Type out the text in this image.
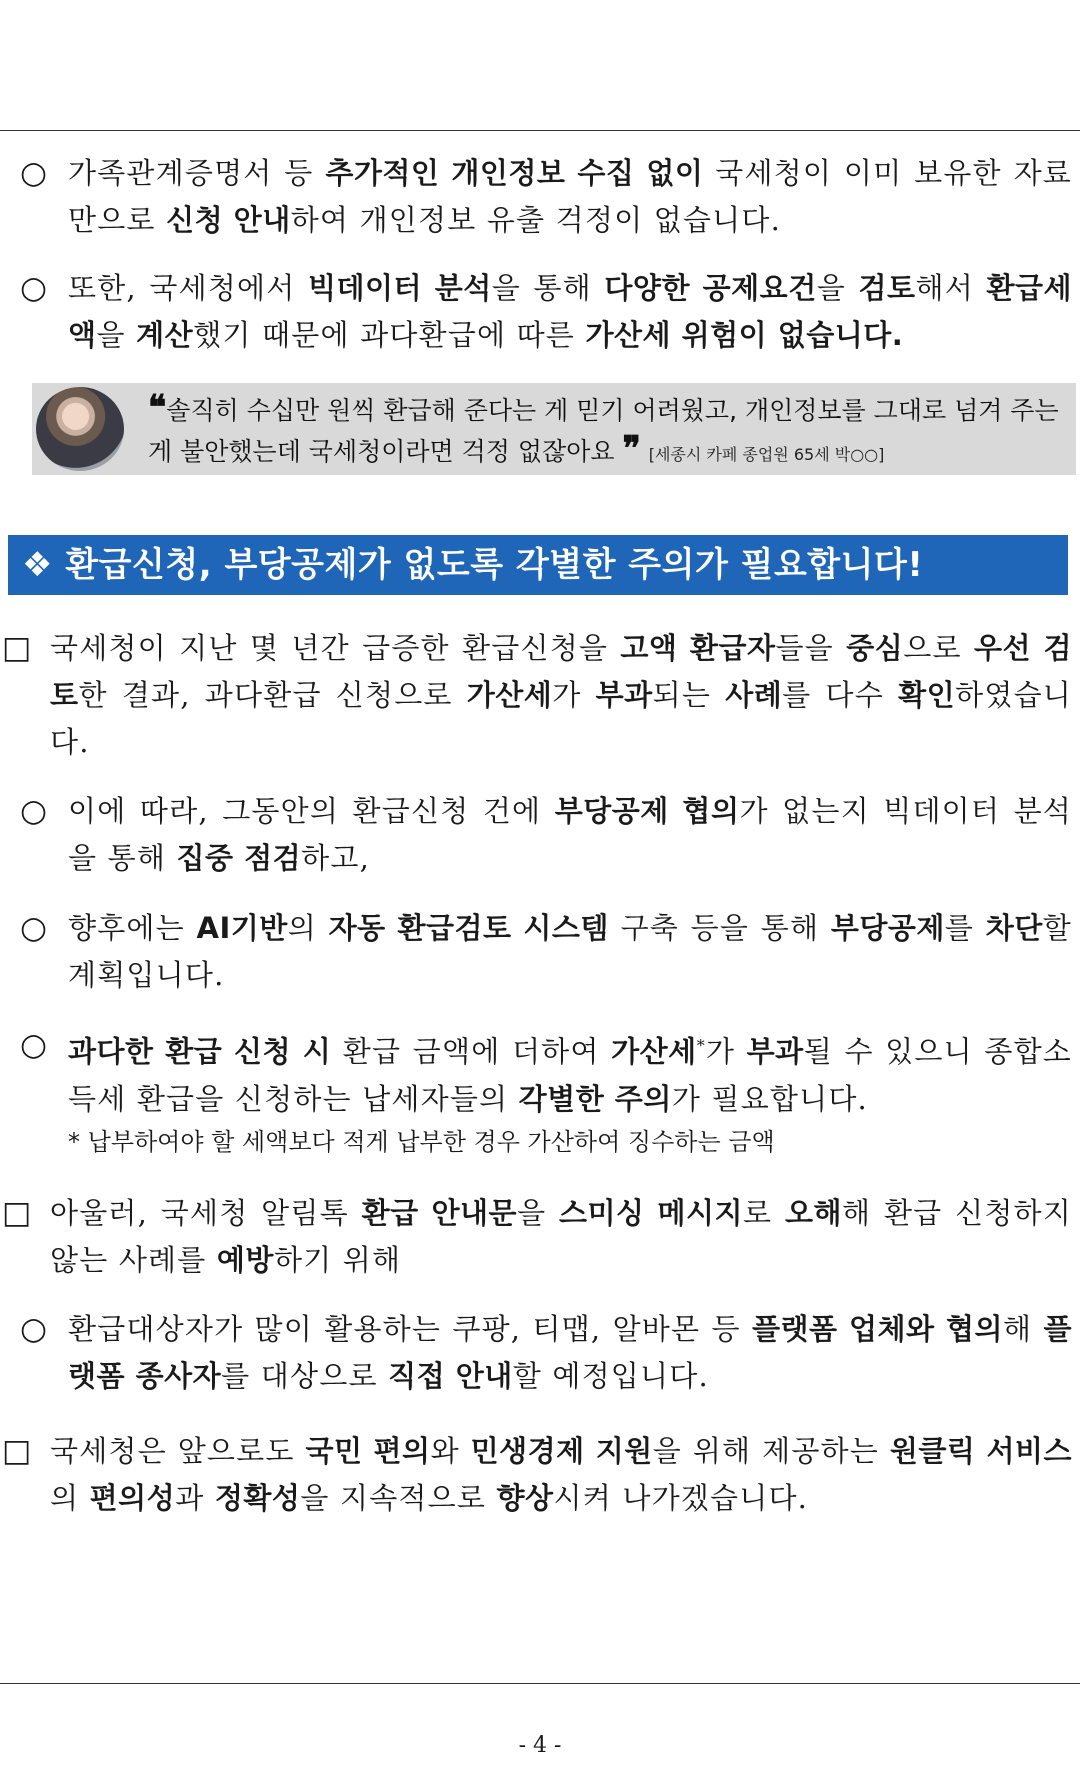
○ 가족관계증명서 등 추가적인 개인정보 수집 없이 국세청이 이미 보유한 자료만으로 신청 안내하여 개인정보 유출 걱정이 없습니다.
○ 또한, 국세청에서 빅데이터 분석을 통해 다양한 공제요건을 검토해서 환급세액을 계산했기 때문에 과다환급에 따른 가산세 위험이 없습니다.
❝솔직히 수십만 원씩 환급해 준다는 게 믿기 어려웠고, 개인정보를 그대로 넘겨 주는 게 불안했는데 국세청이라면 걱정 없잖아요 ❞ [세종시 카페 종업원 65세 박○○]
❖ 환급신청, 부당공제가 없도록 각별한 주의가 필요합니다!
□ 국세청이 지난 몇 년간 급증한 환급신청을 고액 환급자들을 중심으로 우선 검토한 결과, 과다환급 신청으로 가산세가 부과되는 사례를 다수 확인하였습니다.
○ 이에 따라, 그동안의 환급신청 건에 부당공제 협의가 없는지 빅데이터 분석을 통해 집중 점검하고,
○ 향후에는 AI기반의 자동 환급검토 시스템 구축 등을 통해 부당공제를 차단할 계획입니다.
○ 과다한 환급 신청 시 환급 금액에 더하여 가산세*가 부과될 수 있으니 종합소득세 환급을 신청하는 납세자들의 각별한 주의가 필요합니다.
* 납부하여야 할 세액보다 적게 납부한 경우 가산하여 징수하는 금액
□ 아울러, 국세청 알림톡 환급 안내문을 스미싱 메시지로 오해해 환급 신청하지 않는 사례를 예방하기 위해
○ 환급대상자가 많이 활용하는 쿠팡, 티맵, 알바몬 등 플랫폼 업체와 협의해 플랫폼 종사자를 대상으로 직접 안내할 예정입니다.
□ 국세청은 앞으로도 국민 편의와 민생경제 지원을 위해 제공하는 원클릭 서비스의 편의성과 정확성을 지속적으로 향상시켜 나가겠습니다.
- 4 -
